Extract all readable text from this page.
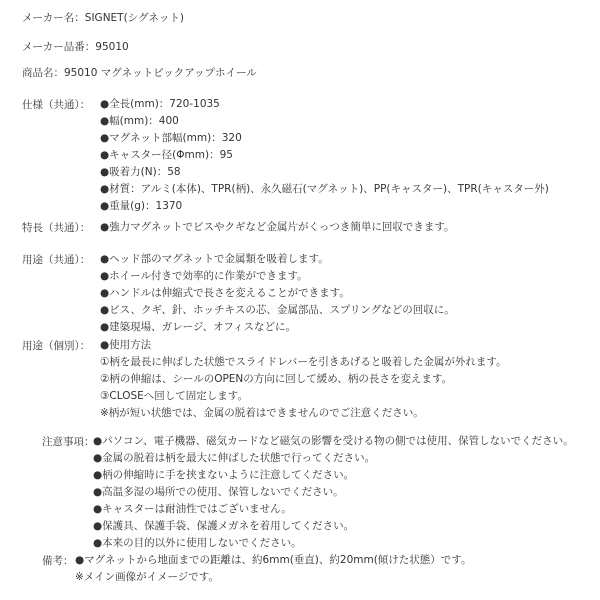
メーカー名：SIGNET(シグネット)
メーカー品番：95010
商品名：95010 マグネットピックアップホイール
仕様（共通）： ●全長(mm)：720-1035
●幅(mm)：400
●マグネット部幅(mm)：320
●キャスター径(Φmm)：95
●吸着力(N)：58
●材質：アルミ(本体)、TPR(柄)、永久磁石(マグネット)、PP(キャスター)、TPR(キャスター外)
●重量(g)：1370
特長（共通）： ●強力マグネットでビスやクギなど金属片がくっつき簡単に回収できます。
用途（共通）： ●ヘッド部のマグネットで金属類を吸着します。
●ホイール付きで効率的に作業ができます。
●ハンドルは伸縮式で長さを変えることができます。
●ビス、クギ、針、ホッチキスの芯、金属部品、スプリングなどの回収に。
●建築現場、ガレージ、オフィスなどに。
用途（個別）： ●使用方法
①柄を最長に伸ばした状態でスライドレバーを引きあげると吸着した金属が外れます。
②柄の伸縮は、シールのOPENの方向に回して緩め、柄の長さを変えます。
③CLOSEへ回して固定します。
※柄が短い状態では、金属の脱着はできませんのでご注意ください。
注意事項：
●パソコン、電子機器、磁気カードなど磁気の影響を受ける物の側では使用、保管しないでください。
●金属の脱着は柄を最大に伸ばした状態で行ってください。
●柄の伸縮時に手を挟まないように注意してください。
●高温多湿の場所での使用、保管しないでください。
●キャスターは耐油性ではございません。
●保護具、保護手袋、保護メガネを着用してください。
●本来の目的以外に使用しないでください。
備考： ●マグネットから地面までの距離は、約6mm(垂直)、約20mm(傾けた状態）です。
※メイン画像がイメージです。
